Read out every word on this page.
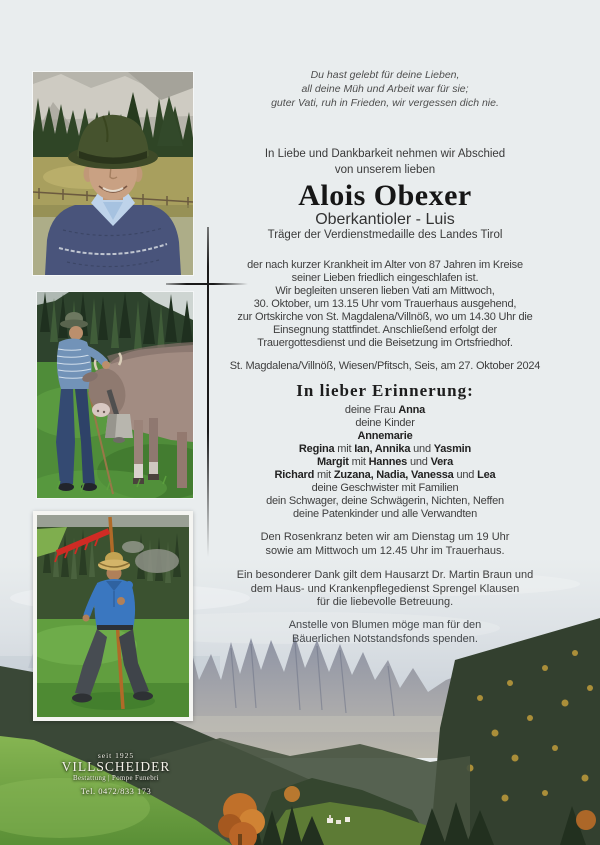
Du hast gelebt für deine Lieben,
all deine Müh und Arbeit war für sie;
guter Vati, ruh in Frieden, wir vergessen dich nie.
In Liebe und Dankbarkeit nehmen wir Abschied
von unserem lieben
Alois Obexer
Oberkantioler - Luis
Träger der Verdienstmedaille des Landes Tirol
der nach kurzer Krankheit im Alter von 87 Jahren im Kreise
seiner Lieben friedlich eingeschlafen ist.
Wir begleiten unseren lieben Vati am Mittwoch,
30. Oktober, um 13.15 Uhr vom Trauerhaus ausgehend,
zur Ortskirche von St. Magdalena/Villnöß, wo um 14.30 Uhr die
Einsegnung stattfindet. Anschließend erfolgt der
Trauergottesdienst und die Beisetzung im Ortsfriedhof.
St. Magdalena/Villnöß, Wiesen/Pfitsch, Seis, am 27. Oktober 2024
In lieber Erinnerung:
deine Frau Anna
deine Kinder
Annemarie
Regina mit Ian, Annika und Yasmin
Margit mit Hannes und Vera
Richard mit Zuzana, Nadia, Vanessa und Lea
deine Geschwister mit Familien
dein Schwager, deine Schwägerin, Nichten, Neffen
deine Patenkinder und alle Verwandten
Den Rosenkranz beten wir am Dienstag um 19 Uhr
sowie am Mittwoch um 12.45 Uhr im Trauerhaus.
Ein besonderer Dank gilt dem Hausarzt Dr. Martin Braun und
dem Haus- und Krankenpflegedienst Sprengel Klausen
für die liebevolle Betreuung.
Anstelle von Blumen möge man für den
Bäuerlichen Notstandsfonds spenden.
seit 1925
VILLSCHEIDER
Bestattung | Pompe Funebri
Tel. 0472/833 173
